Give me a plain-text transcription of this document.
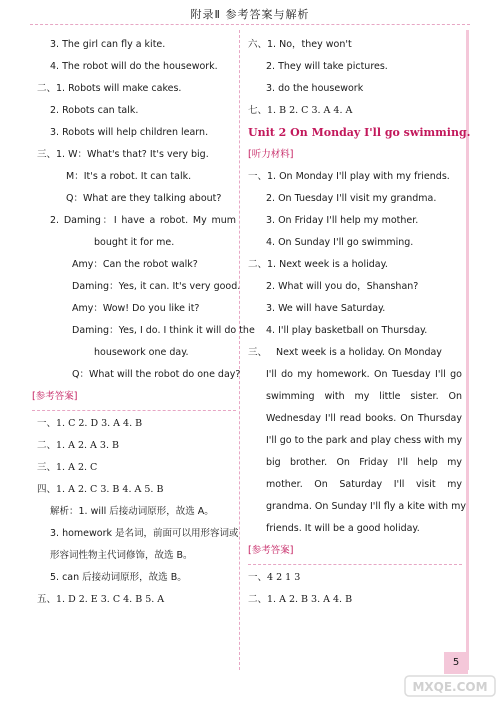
附录Ⅱ 参考答案与解析
3. The girl can fly a kite.
4. The robot will do the housework.
二、1. Robots will make cakes.
2. Robots can talk.
3. Robots will help children learn.
三、1. W：What's that? It's very big.
M：It's a robot. It can talk.
Q：What are they talking about?
2. Daming：I have a robot. My mum
bought it for me.
Amy：Can the robot walk?
Daming：Yes, it can. It's very good.
Amy：Wow! Do you like it?
Daming：Yes, I do. I think it will do the
housework one day.
Q：What will the robot do one day?
[参考答案]
一、1. C 2. D 3. A 4. B
二、1. A 2. A 3. B
三、1. A 2. C
四、1. A 2. C 3. B 4. A 5. B
解析：1. will 后接动词原形，故选 A。
3. homework 是名词，前面可以用形容词或
形容词性物主代词修饰，故选 B。
5. can 后接动词原形，故选 B。
五、1. D 2. E 3. C 4. B 5. A
六、1. No，they won't
2. They will take pictures.
3. do the housework
七、1. B 2. C 3. A 4. A
Unit 2 On Monday I'll go swimming.
[听力材料]
一、1. On Monday I'll play with my friends.
2. On Tuesday I'll visit my grandma.
3. On Friday I'll help my mother.
4. On Sunday I'll go swimming.
二、1. Next week is a holiday.
2. What will you do，Shanshan?
3. We will have Saturday.
4. I'll play basketball on Thursday.
三、   Next week is a holiday. On Monday
I'll do my homework. On Tuesday I'll go
swimming with my little sister. On
Wednesday I'll read books. On Thursday
I'll go to the park and play chess with my
big brother. On Friday I'll help my
mother. On Saturday I'll visit my
grandma. On Sunday I'll fly a kite with my
friends. It will be a good holiday.
[参考答案]
一、4 2 1 3
二、1. A 2. B 3. A 4. B
5
MXQE.COM
